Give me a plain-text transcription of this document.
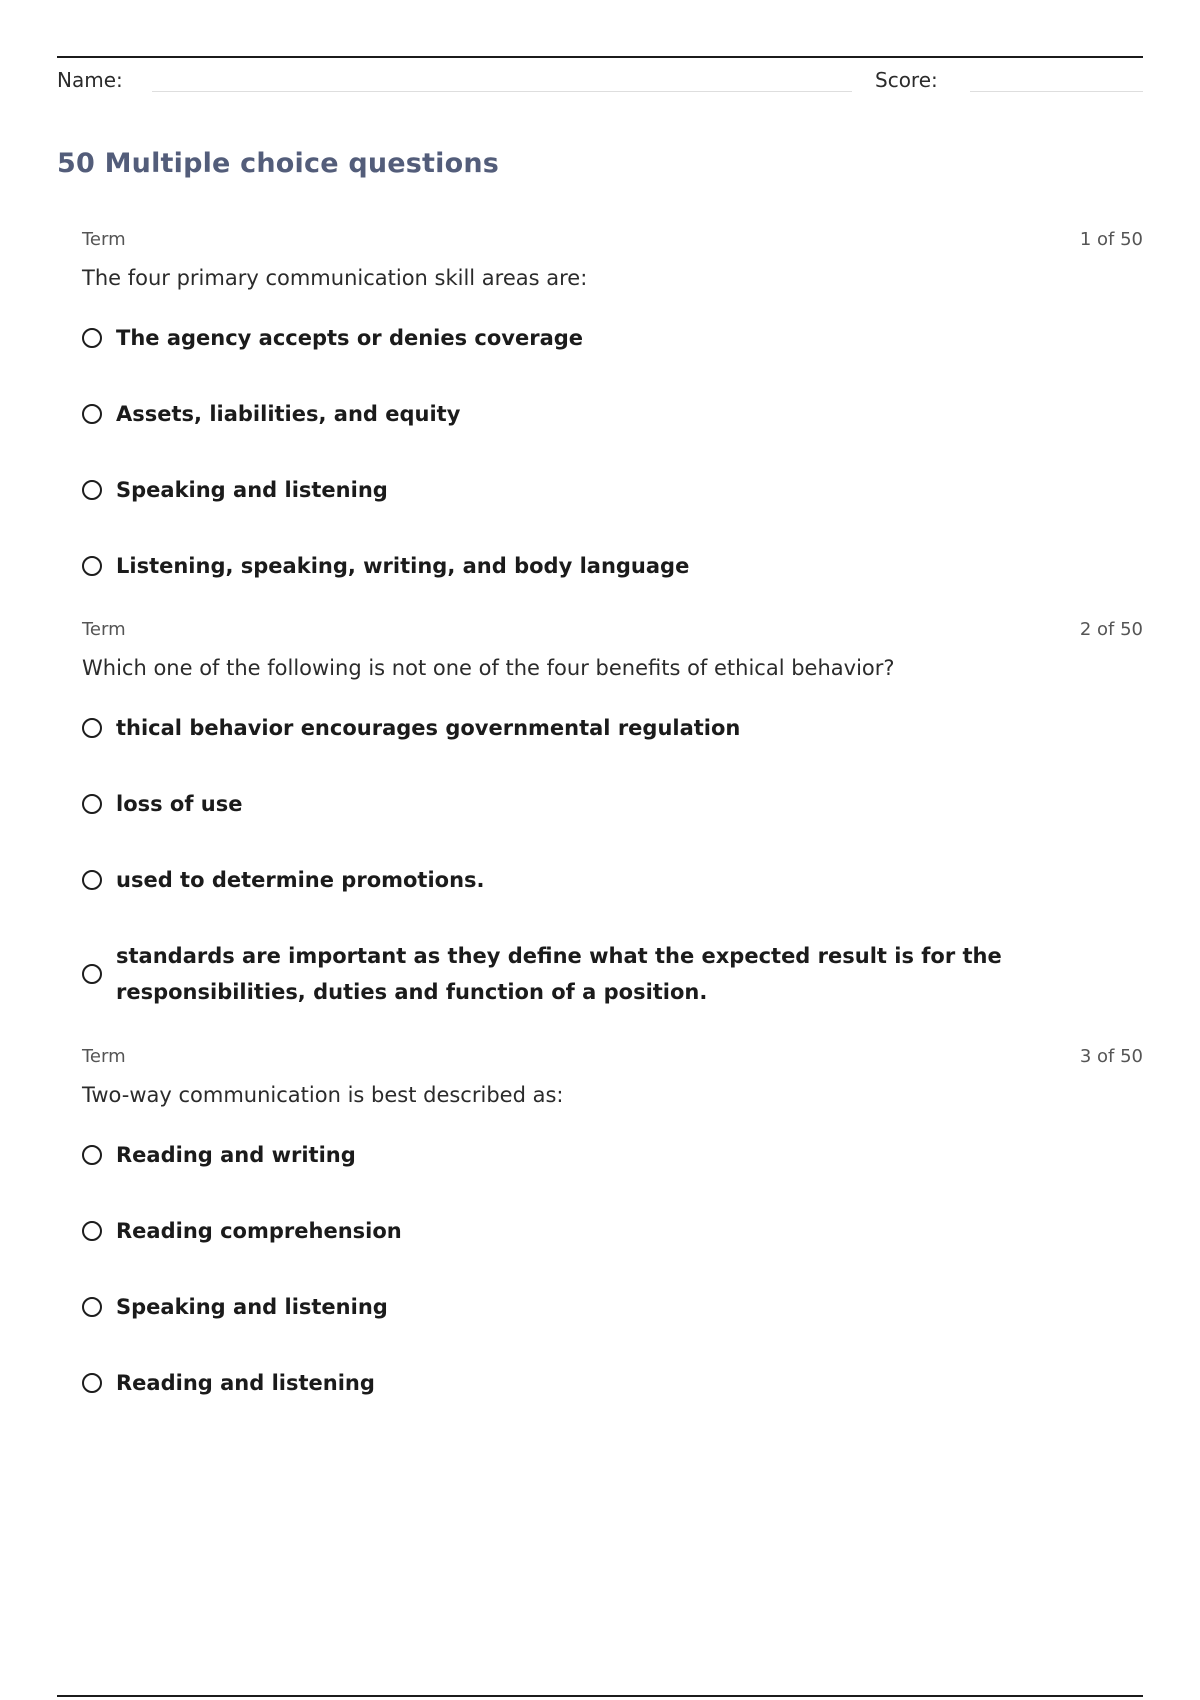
Name:	Score:
50 Multiple choice questions
Term	1 of 50
The four primary communication skill areas are:
The agency accepts or denies coverage
Assets, liabilities, and equity
Speaking and listening
Listening, speaking, writing, and body language
Term	2 of 50
Which one of the following is not one of the four benefits of ethical behavior?
thical behavior encourages governmental regulation
loss of use
used to determine promotions.
standards are important as they define what the expected result is for the responsibilities, duties and function of a position.
Term	3 of 50
Two-way communication is best described as:
Reading and writing
Reading comprehension
Speaking and listening
Reading and listening
